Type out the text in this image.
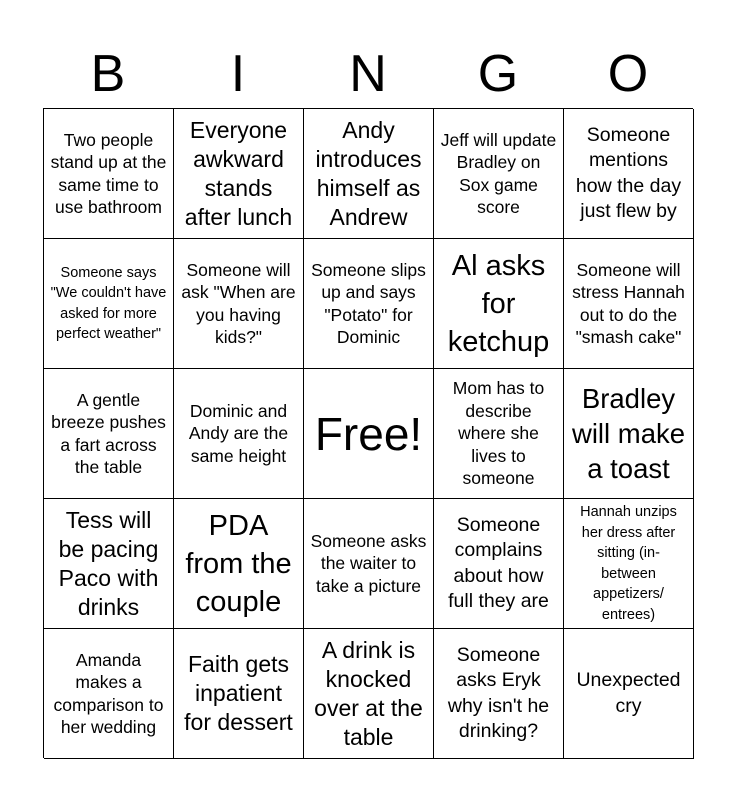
B	I	N	G	O
Two people stand up at the same time to use bathroom
Everyone awkward stands after lunch
Andy introduces himself as Andrew
Jeff will update Bradley on Sox game score
Someone mentions how the day just flew by
Someone says "We couldn't have asked for more perfect weather"
Someone will ask "When are you having kids?"
Someone slips up and says "Potato" for Dominic
Al asks for ketchup
Someone will stress Hannah out to do the "smash cake"
A gentle breeze pushes a fart across the table
Dominic and Andy are the same height Free!
Mom has to describe where she lives to someone
Bradley will make a toast
Tess will be pacing Paco with drinks
PDA from the couple
Someone asks the waiter to take a picture
Someone complains about how full they are
Hannah unzips her dress after sitting (in-between appetizers/ entrees)
Amanda makes a comparison to her wedding
Faith gets inpatient for dessert
A drink is knocked over at the table
Someone asks Eryk why isn't he drinking?
Unexpected cry
